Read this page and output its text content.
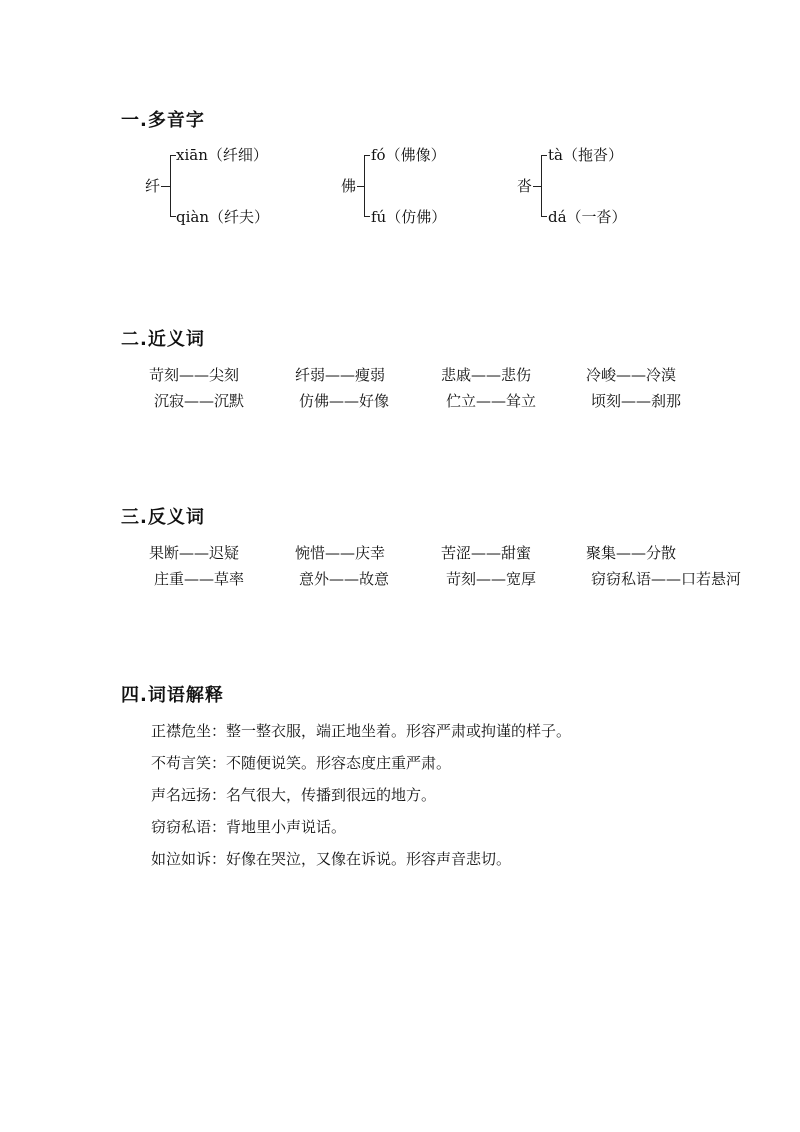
一.多音字
纤
xiān（纤细）
qiàn（纤夫）
佛
fó（佛像）
fú（仿佛）
沓
tà（拖沓）
dá（一沓）
二.近义词
苛刻——尖刻	纤弱——瘦弱	悲戚——悲伤	冷峻——冷漠
沉寂——沉默	仿佛——好像	伫立——耸立	顷刻——刹那
三.反义词
果断——迟疑	惋惜——庆幸	苦涩——甜蜜	聚集——分散
庄重——草率	意外——故意	苛刻——宽厚	窃窃私语——口若悬河
四.词语解释
正襟危坐：整一整衣服，端正地坐着。形容严肃或拘谨的样子。
不苟言笑：不随便说笑。形容态度庄重严肃。
声名远扬：名气很大，传播到很远的地方。
窃窃私语：背地里小声说话。
如泣如诉：好像在哭泣，又像在诉说。形容声音悲切。
